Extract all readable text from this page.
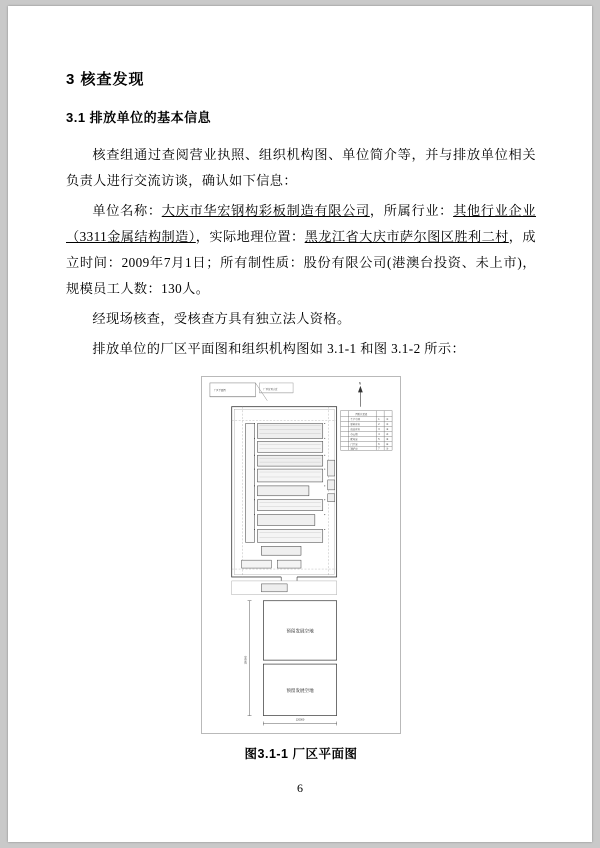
3 核查发现
3.1 排放单位的基本信息

核查组通过查阅营业执照、组织机构图、单位简介等，并与排放单位相关负责人进行交流访谈，确认如下信息：

单位名称：大庆市华宏钢构彩板制造有限公司，所属行业：其他行业企业（3311金属结构制造），实际地理位置：黑龙江省大庆市萨尔图区胜利二村，成立时间：2009年7月1日；所有制性质：股份有限公司(港澳台投资、未上市)，规模员工人数：130人。

经现场核查，受核查方具有独立法人资格。

排放单位的厂区平面图和组织机构图如 3.1-1 和图 3.1-2 所示：

厂区平面图	厂区位置示意
N
图纸目录表
生产车间	1	①
原料库房	2	②
成品库房	3	③
办公楼	4	④
配电室	5	⑤
门卫室	6	⑥
锅炉房	7	⑦
预留发展空地
预留发展空地
120000
180000
图3.1-1 厂区平面图
6
